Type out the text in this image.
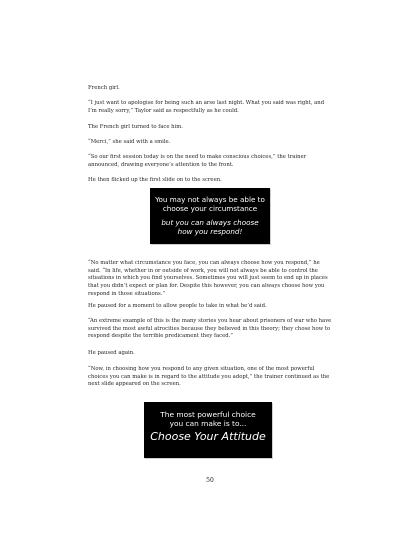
French girl.

“I just want to apologise for being such an arse last night. What you said was right, and I’m really sorry,” Taylor said as respectfully as he could.

The French girl turned to face him.

“Merci,” she said with a smile.

“So our first session today is on the need to make conscious choices,” the trainer announced, drawing everyone’s attention to the front.

He then flicked up the first slide on to the screen.

You may not always be able to
choose your circumstance
but you can always choose
how you respond!

“No matter what circumstance you face, you can always choose how you respond,” he said. “In life, whether in or outside of work, you will not always be able to control the situations in which you find yourselves. Sometimes you will just seem to end up in places that you didn’t expect or plan for. Despite this however, you can always choose how you respond in those situations.”

He paused for a moment to allow people to take in what he’d said.

“An extreme example of this is the many stories you hear about prisoners of war who have survived the most awful atrocities because they believed in this theory; they chose how to respond despite the terrible predicament they faced.”

He paused again.

“Now, in choosing how you respond to any given situation, one of the most powerful choices you can make is in regard to the attitude you adopt,” the trainer continued as the next slide appeared on the screen.

The most powerful choice
you can make is to...
Choose Your Attitude
50
